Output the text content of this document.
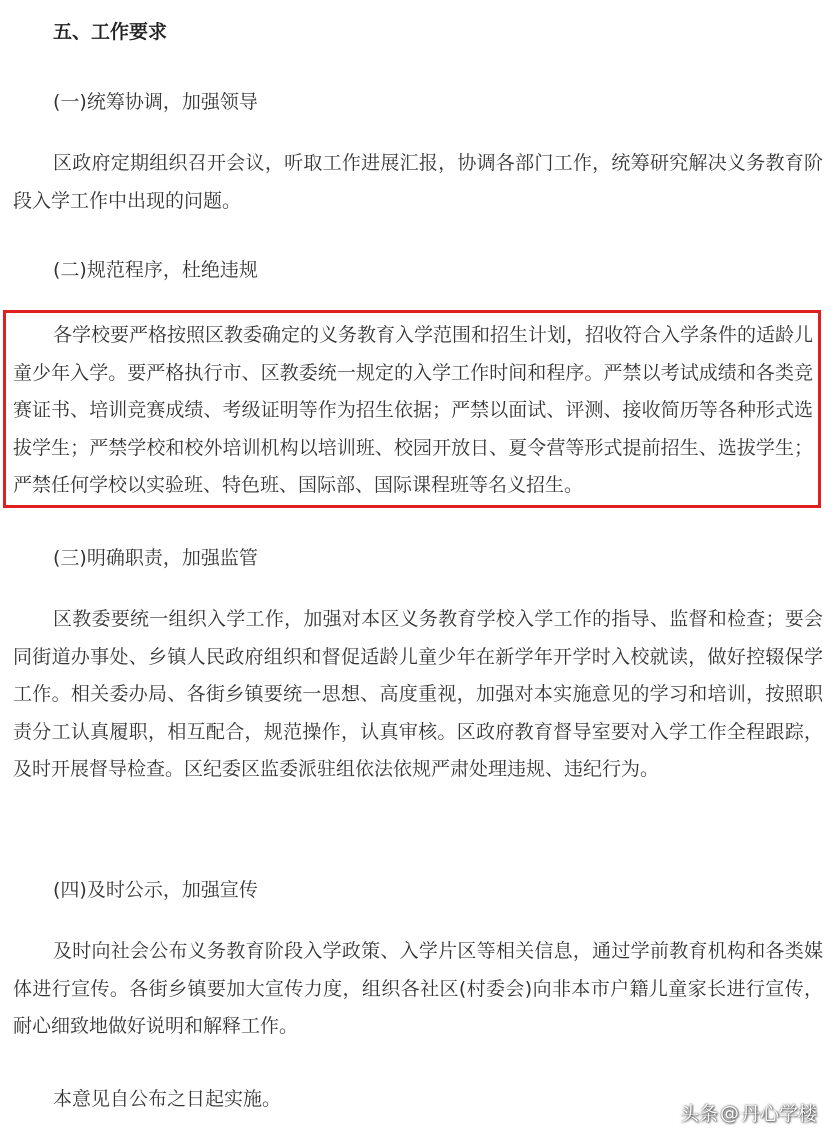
五、工作要求
(一)统筹协调，加强领导

区政府定期组织召开会议，听取工作进展汇报，协调各部门工作，统筹研究解决义务教育阶段入学工作中出现的问题。

(二)规范程序，杜绝违规

各学校要严格按照区教委确定的义务教育入学范围和招生计划，招收符合入学条件的适龄儿童少年入学。要严格执行市、区教委统一规定的入学工作时间和程序。严禁以考试成绩和各类竞赛证书、培训竞赛成绩、考级证明等作为招生依据；严禁以面试、评测、接收简历等各种形式选拔学生；严禁学校和校外培训机构以培训班、校园开放日、夏令营等形式提前招生、选拔学生；严禁任何学校以实验班、特色班、国际部、国际课程班等名义招生。

(三)明确职责，加强监管

区教委要统一组织入学工作，加强对本区义务教育学校入学工作的指导、监督和检查；要会同街道办事处、乡镇人民政府组织和督促适龄儿童少年在新学年开学时入校就读，做好控辍保学工作。相关委办局、各街乡镇要统一思想、高度重视，加强对本实施意见的学习和培训，按照职责分工认真履职，相互配合，规范操作，认真审核。区政府教育督导室要对入学工作全程跟踪，及时开展督导检查。区纪委区监委派驻组依法依规严肃处理违规、违纪行为。

(四)及时公示，加强宣传

及时向社会公布义务教育阶段入学政策、入学片区等相关信息，通过学前教育机构和各类媒体进行宣传。各街乡镇要加大宣传力度，组织各社区(村委会)向非本市户籍儿童家长进行宣传，耐心细致地做好说明和解释工作。

本意见自公布之日起实施。
头条 @ 丹心学楼
